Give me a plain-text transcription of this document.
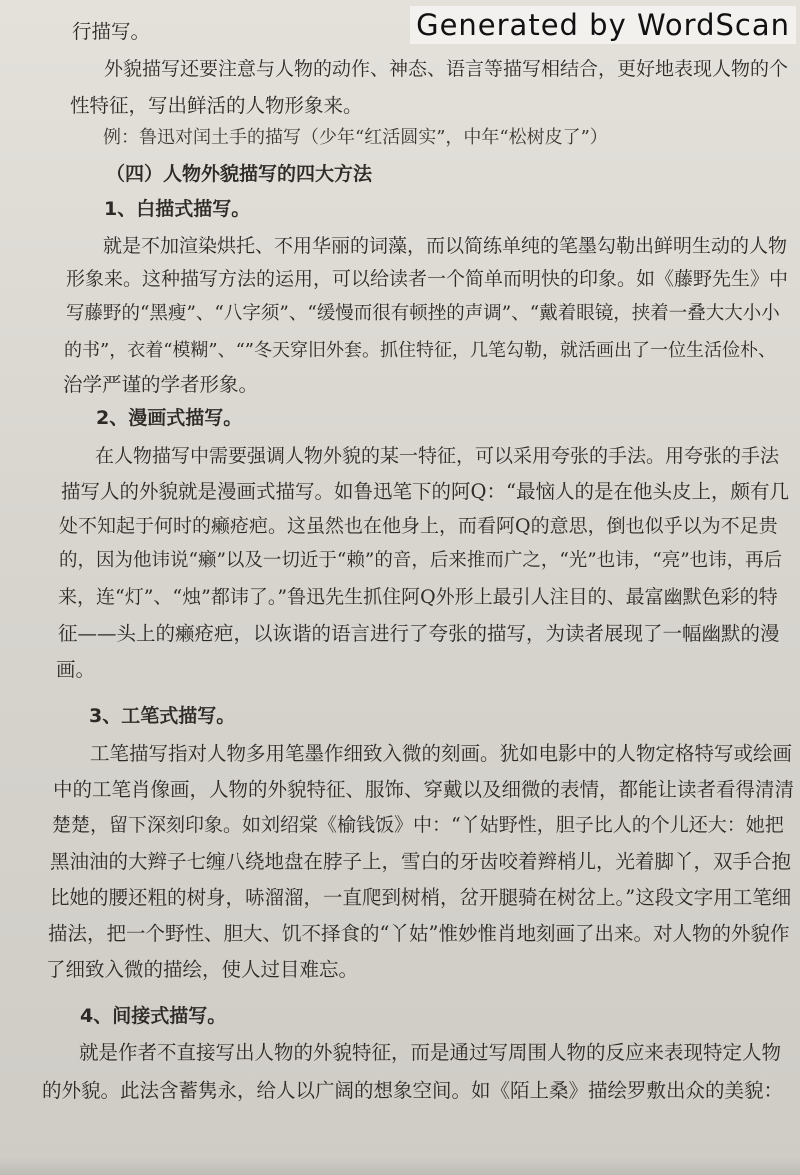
Generated by WordScan
行描写。
外貌描写还要注意与人物的动作、神态、语言等描写相结合，更好地表现人物的个
性特征，写出鲜活的人物形象来。
例：鲁迅对闰土手的描写（少年“红活圆实”，中年“松树皮了”）
（四）人物外貌描写的四大方法
1、白描式描写。
就是不加渲染烘托、不用华丽的词藻，而以简练单纯的笔墨勾勒出鲜明生动的人物
形象来。这种描写方法的运用，可以给读者一个简单而明快的印象。如《藤野先生》中
写藤野的“黑瘦”、“八字须”、“缓慢而很有顿挫的声调”、“戴着眼镜，挟着一叠大大小小
的书”，衣着“模糊”、“”冬天穿旧外套。抓住特征，几笔勾勒，就活画出了一位生活俭朴、
治学严谨的学者形象。
2、漫画式描写。
在人物描写中需要强调人物外貌的某一特征，可以采用夸张的手法。用夸张的手法
描写人的外貌就是漫画式描写。如鲁迅笔下的阿Q：“最恼人的是在他头皮上，颇有几
处不知起于何时的癞疮疤。这虽然也在他身上，而看阿Q的意思，倒也似乎以为不足贵
的，因为他讳说“癞”以及一切近于“赖”的音，后来推而广之，“光”也讳，“亮”也讳，再后
来，连“灯”、“烛”都讳了。”鲁迅先生抓住阿Q外形上最引人注目的、最富幽默色彩的特
征——头上的癞疮疤，以诙谐的语言进行了夸张的描写，为读者展现了一幅幽默的漫
画。
3、工笔式描写。
工笔描写指对人物多用笔墨作细致入微的刻画。犹如电影中的人物定格特写或绘画
中的工笔肖像画，人物的外貌特征、服饰、穿戴以及细微的表情，都能让读者看得清清
楚楚，留下深刻印象。如刘绍棠《榆钱饭》中：“丫姑野性，胆子比人的个儿还大：她把
黑油油的大辫子七缠八绕地盘在脖子上，雪白的牙齿咬着辫梢儿，光着脚丫，双手合抱
比她的腰还粗的树身，哧溜溜，一直爬到树梢，岔开腿骑在树岔上。”这段文字用工笔细
描法，把一个野性、胆大、饥不择食的“丫姑”惟妙惟肖地刻画了出来。对人物的外貌作
了细致入微的描绘，使人过目难忘。
4、间接式描写。
就是作者不直接写出人物的外貌特征，而是通过写周围人物的反应来表现特定人物
的外貌。此法含蓄隽永，给人以广阔的想象空间。如《陌上桑》描绘罗敷出众的美貌：
